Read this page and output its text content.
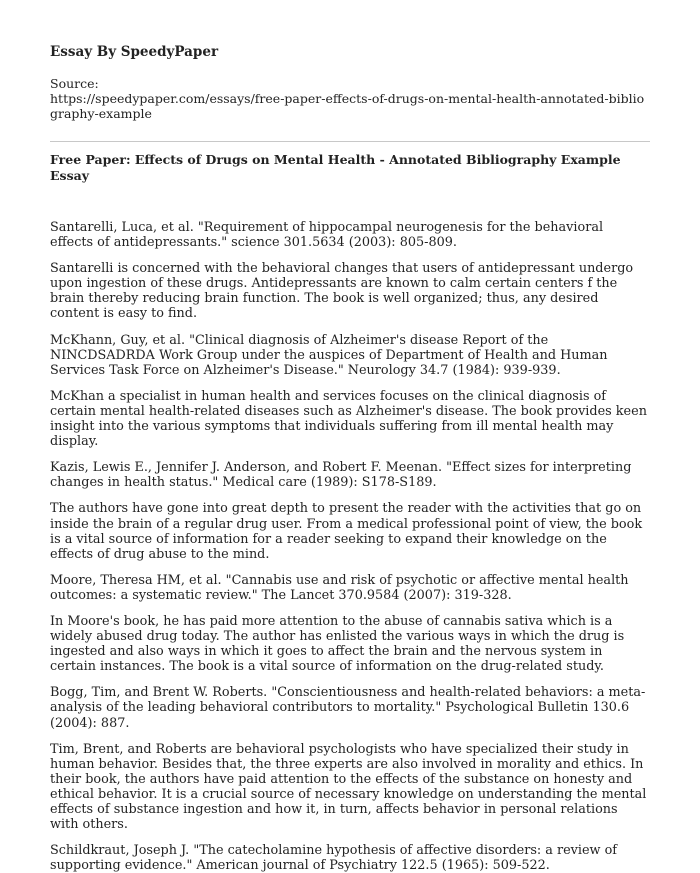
Essay By SpeedyPaper
Source:
https://speedypaper.com/essays/free-paper-effects-of-drugs-on-mental-health-annotated-bibliography-example
Free Paper: Effects of Drugs on Mental Health - Annotated Bibliography Example Essay

Santarelli, Luca, et al. "Requirement of hippocampal neurogenesis for the behavioral effects of antidepressants." science 301.5634 (2003): 805-809.

Santarelli is concerned with the behavioral changes that users of antidepressant undergo upon ingestion of these drugs. Antidepressants are known to calm certain centers f the brain thereby reducing brain function. The book is well organized; thus, any desired content is easy to find.

McKhann, Guy, et al. "Clinical diagnosis of Alzheimer's disease Report of the NINCDSADRDA Work Group under the auspices of Department of Health and Human Services Task Force on Alzheimer's Disease." Neurology 34.7 (1984): 939-939.

McKhan a specialist in human health and services focuses on the clinical diagnosis of certain mental health-related diseases such as Alzheimer's disease. The book provides keen insight into the various symptoms that individuals suffering from ill mental health may display.

Kazis, Lewis E., Jennifer J. Anderson, and Robert F. Meenan. "Effect sizes for interpreting changes in health status." Medical care (1989): S178-S189.

The authors have gone into great depth to present the reader with the activities that go on inside the brain of a regular drug user. From a medical professional point of view, the book is a vital source of information for a reader seeking to expand their knowledge on the effects of drug abuse to the mind.

Moore, Theresa HM, et al. "Cannabis use and risk of psychotic or affective mental health outcomes: a systematic review." The Lancet 370.9584 (2007): 319-328.

In Moore's book, he has paid more attention to the abuse of cannabis sativa which is a widely abused drug today. The author has enlisted the various ways in which the drug is ingested and also ways in which it goes to affect the brain and the nervous system in certain instances. The book is a vital source of information on the drug-related study.

Bogg, Tim, and Brent W. Roberts. "Conscientiousness and health-related behaviors: a meta-analysis of the leading behavioral contributors to mortality." Psychological Bulletin 130.6 (2004): 887.

Tim, Brent, and Roberts are behavioral psychologists who have specialized their study in human behavior. Besides that, the three experts are also involved in morality and ethics. In their book, the authors have paid attention to the effects of the substance on honesty and ethical behavior. It is a crucial source of necessary knowledge on understanding the mental effects of substance ingestion and how it, in turn, affects behavior in personal relations with others.

Schildkraut, Joseph J. "The catecholamine hypothesis of affective disorders: a review of supporting evidence." American journal of Psychiatry 122.5 (1965): 509-522.
